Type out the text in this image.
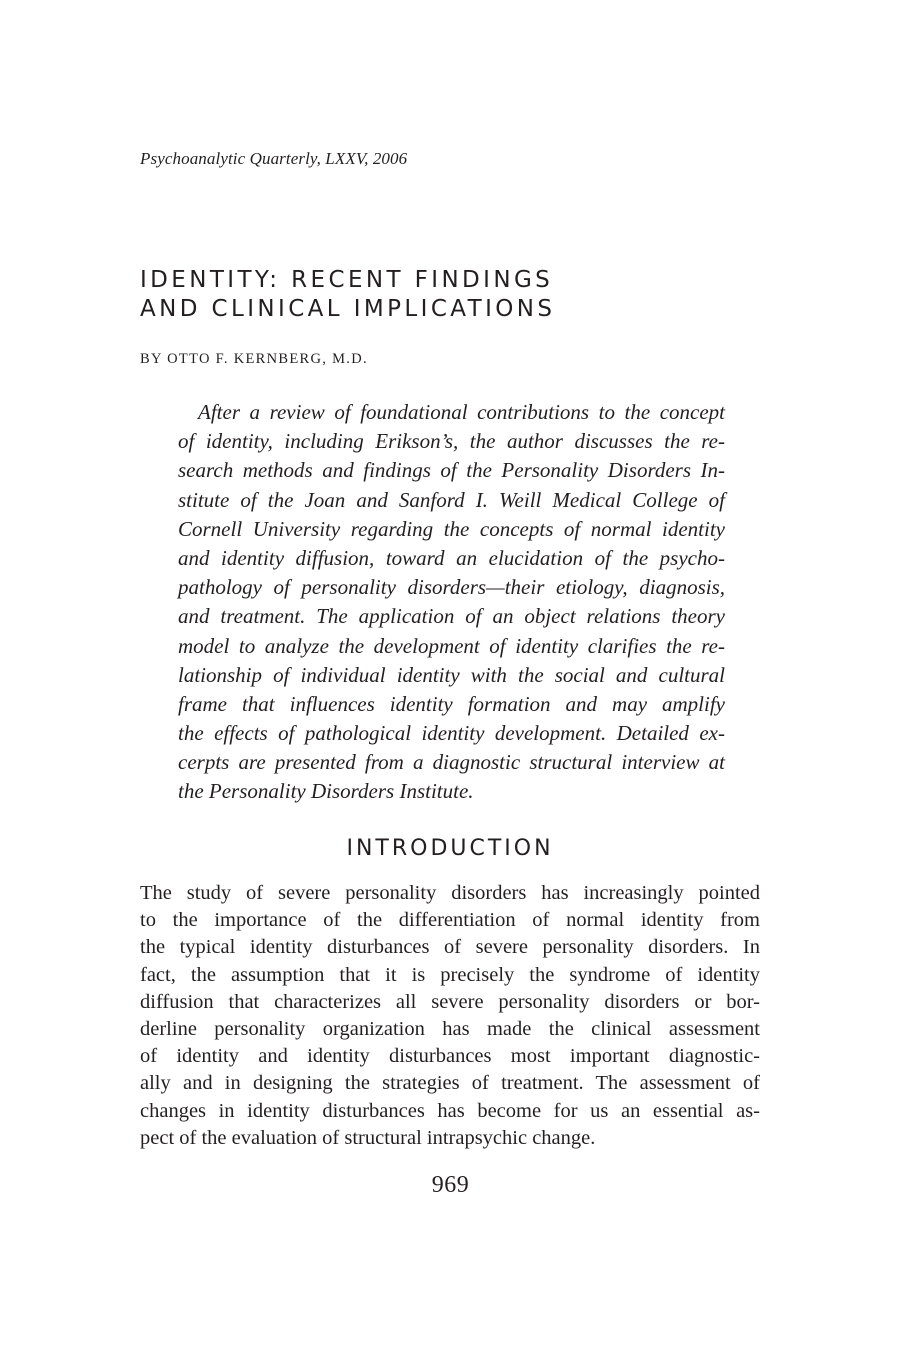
Psychoanalytic Quarterly, LXXV, 2006
IDENTITY: RECENT FINDINGS
AND CLINICAL IMPLICATIONS
BY OTTO F. KERNBERG, M.D.
After a review of foundational contributions to the concept
of identity, including Erikson’s, the author discusses the re-
search methods and findings of the Personality Disorders In-
stitute of the Joan and Sanford I. Weill Medical College of
Cornell University regarding the concepts of normal identity
and identity diffusion, toward an elucidation of the psycho-
pathology of personality disorders—their etiology, diagnosis,
and treatment. The application of an object relations theory
model to analyze the development of identity clarifies the re-
lationship of individual identity with the social and cultural
frame that influences identity formation and may amplify
the effects of pathological identity development. Detailed ex-
cerpts are presented from a diagnostic structural interview at
the Personality Disorders Institute.
INTRODUCTION
The study of severe personality disorders has increasingly pointed
to the importance of the differentiation of normal identity from
the typical identity disturbances of severe personality disorders. In
fact, the assumption that it is precisely the syndrome of identity
diffusion that characterizes all severe personality disorders or bor-
derline personality organization has made the clinical assessment
of identity and identity disturbances most important diagnostic-
ally and in designing the strategies of treatment. The assessment of
changes in identity disturbances has become for us an essential as-
pect of the evaluation of structural intrapsychic change.
969
